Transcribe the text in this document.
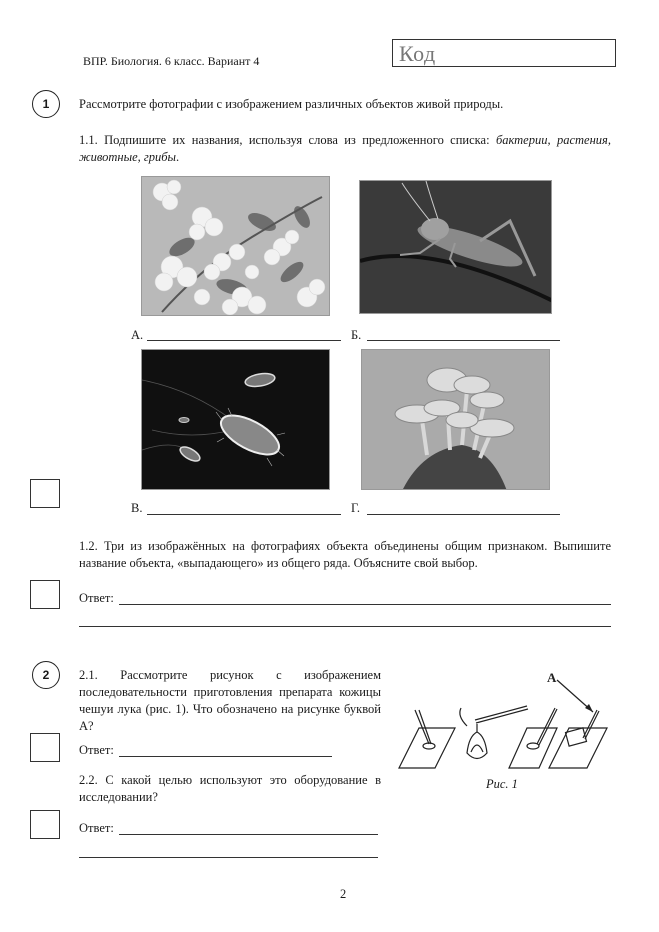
ВПР. Биология. 6 класс. Вариант 4	Код
1	Рассмотрите фотографии с изображением различных объектов живой природы.
1.1. Подпишите их названия, используя слова из предложенного списка: бактерии, растения, животные, грибы.
А.	Б.
В.	Г.
1.2. Три из изображённых на фотографиях объекта объединены общим признаком. Выпишите название объекта, «выпадающего» из общего ряда. Объясните свой выбор.
Ответ:
2	2.1. Рассмотрите рисунок с изображением последовательности приготовления препарата кожицы чешуи лука (рис. 1). Что обозначено на рисунке буквой А?
Ответ:
2.2. С какой целью используют это оборудование в исследовании?
Ответ:
А
Рис. 1
2
